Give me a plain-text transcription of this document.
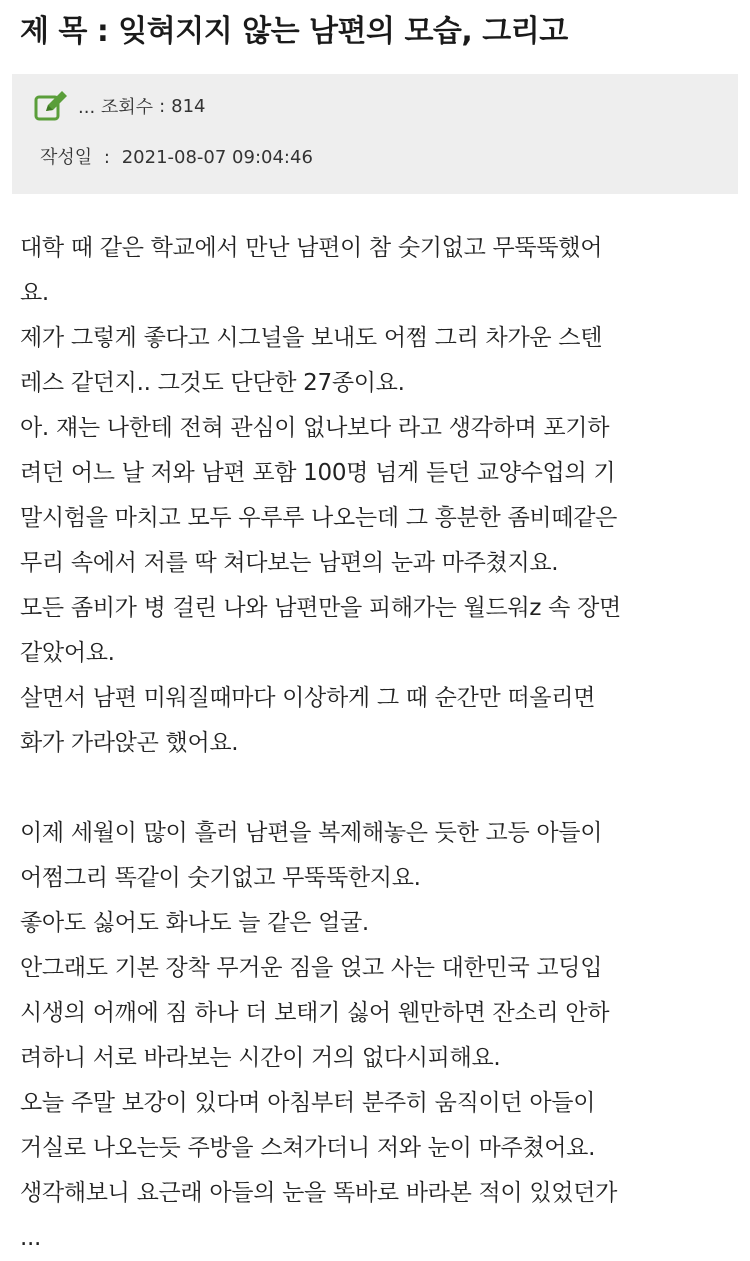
제 목 : 잊혀지지 않는 남편의 모습, 그리고
... 조회수 : 814
작성일 : 2021-08-07 09:04:46
대학 때 같은 학교에서 만난 남편이 참 숫기없고 무뚝뚝했어
요.
제가 그렇게 좋다고 시그널을 보내도 어쩜 그리 차가운 스텐
레스 같던지.. 그것도 단단한 27종이요.
아. 쟤는 나한테 전혀 관심이 없나보다 라고 생각하며 포기하
려던 어느 날 저와 남편 포함 100명 넘게 듣던 교양수업의 기
말시험을 마치고 모두 우루루 나오는데 그 흥분한 좀비떼같은
무리 속에서 저를 딱 쳐다보는 남편의 눈과 마주쳤지요.
모든 좀비가 병 걸린 나와 남편만을 피해가는 월드워z 속 장면
같았어요.
살면서 남편 미워질때마다 이상하게 그 때 순간만 떠올리면
화가 가라앉곤 했어요.
이제 세월이 많이 흘러 남편을 복제해놓은 듯한 고등 아들이
어쩜그리 똑같이 숫기없고 무뚝뚝한지요.
좋아도 싫어도 화나도 늘 같은 얼굴.
안그래도 기본 장착 무거운 짐을 얹고 사는 대한민국 고딩입
시생의 어깨에 짐 하나 더 보태기 싫어 웬만하면 잔소리 안하
려하니 서로 바라보는 시간이 거의 없다시피해요.
오늘 주말 보강이 있다며 아침부터 분주히 움직이던 아들이
거실로 나오는듯 주방을 스쳐가더니 저와 눈이 마주쳤어요.
생각해보니 요근래 아들의 눈을 똑바로 바라본 적이 있었던가
...
